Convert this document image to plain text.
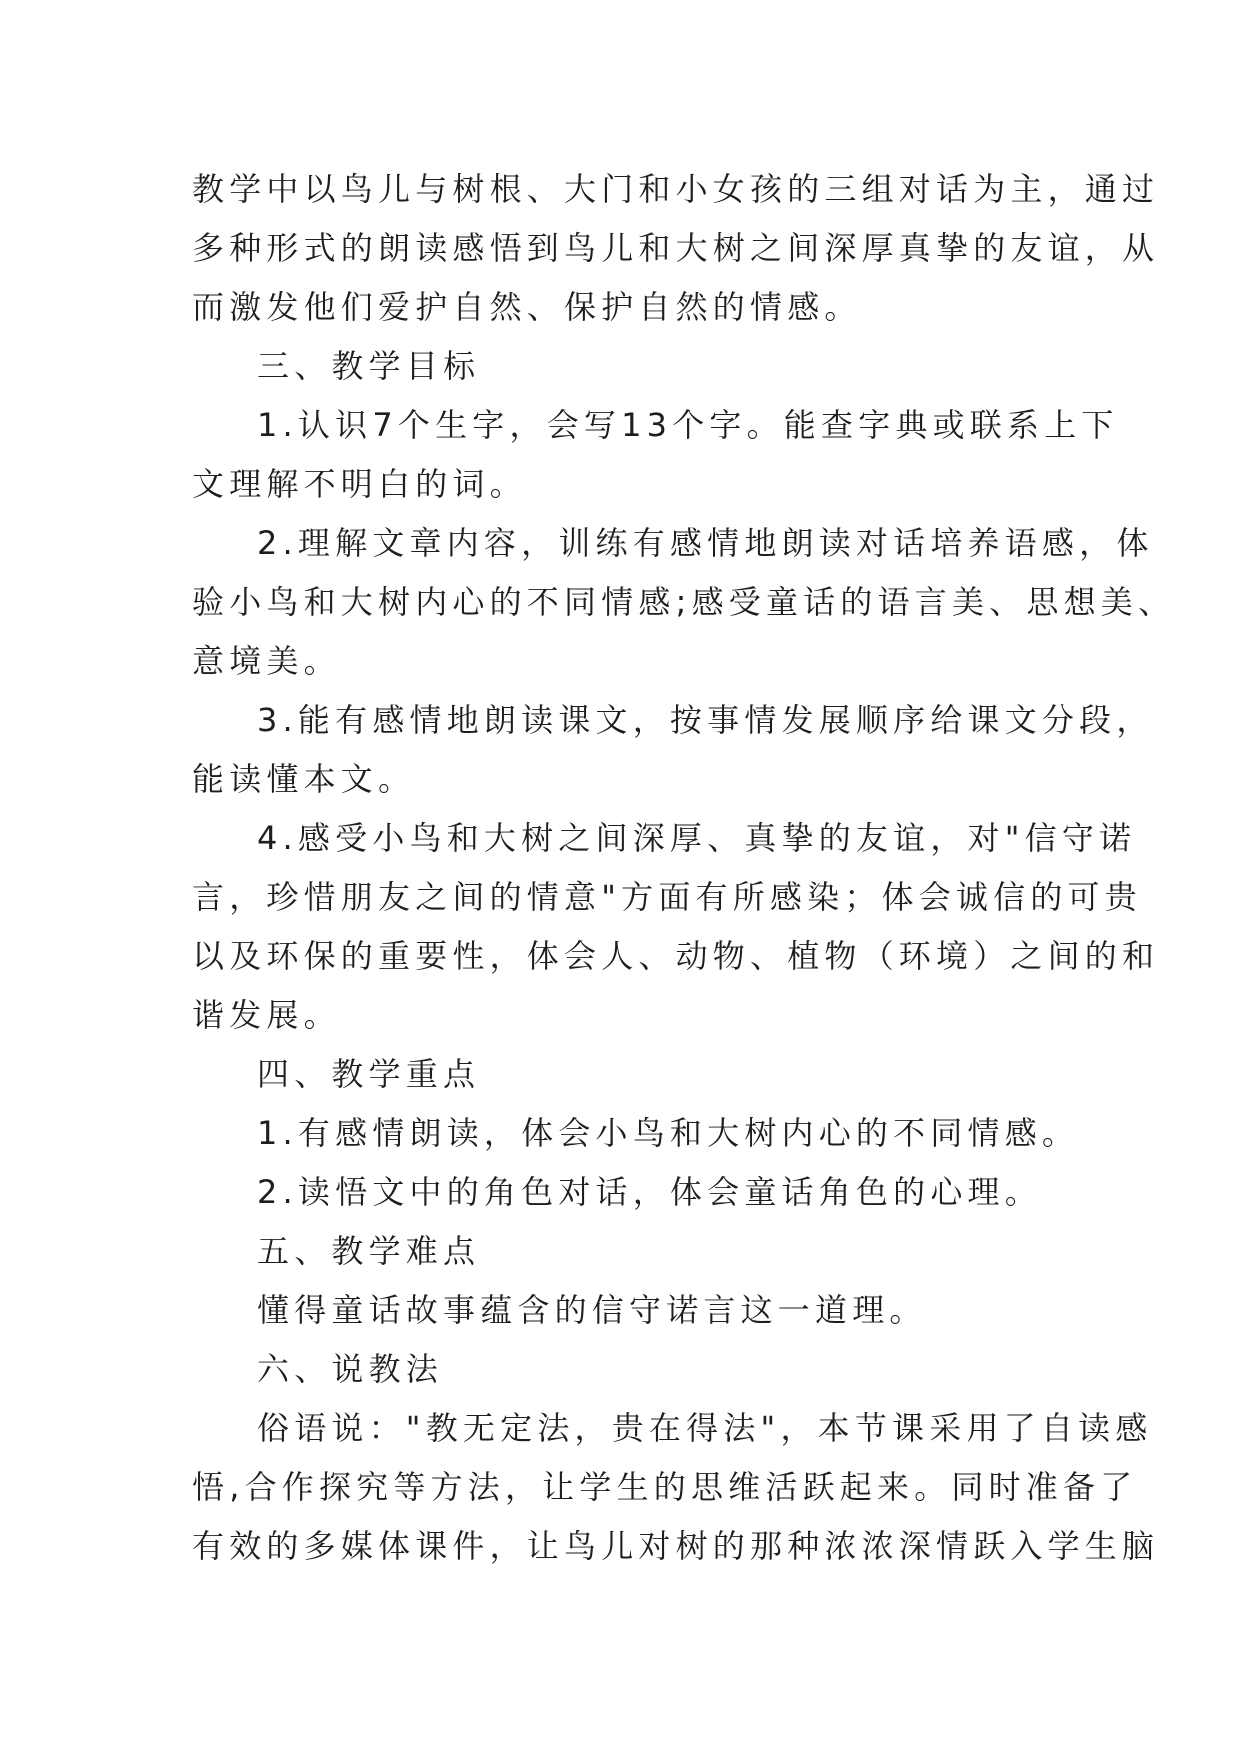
教学中以鸟儿与树根、大门和小女孩的三组对话为主，通过
多种形式的朗读感悟到鸟儿和大树之间深厚真挚的友谊，从
而激发他们爱护自然、保护自然的情感。
三、教学目标
1.认识7个生字，会写13个字。能查字典或联系上下
文理解不明白的词。
2.理解文章内容，训练有感情地朗读对话培养语感，体
验小鸟和大树内心的不同情感;感受童话的语言美、思想美、
意境美。
3.能有感情地朗读课文，按事情发展顺序给课文分段，
能读懂本文。
4.感受小鸟和大树之间深厚、真挚的友谊，对"信守诺
言，珍惜朋友之间的情意"方面有所感染；体会诚信的可贵
以及环保的重要性，体会人、动物、植物（环境）之间的和
谐发展。
四、教学重点
1.有感情朗读，体会小鸟和大树内心的不同情感。
2.读悟文中的角色对话，体会童话角色的心理。
五、教学难点
懂得童话故事蕴含的信守诺言这一道理。
六、说教法
俗语说："教无定法，贵在得法"，本节课采用了自读感
悟,合作探究等方法，让学生的思维活跃起来。同时准备了
有效的多媒体课件，让鸟儿对树的那种浓浓深情跃入学生脑
